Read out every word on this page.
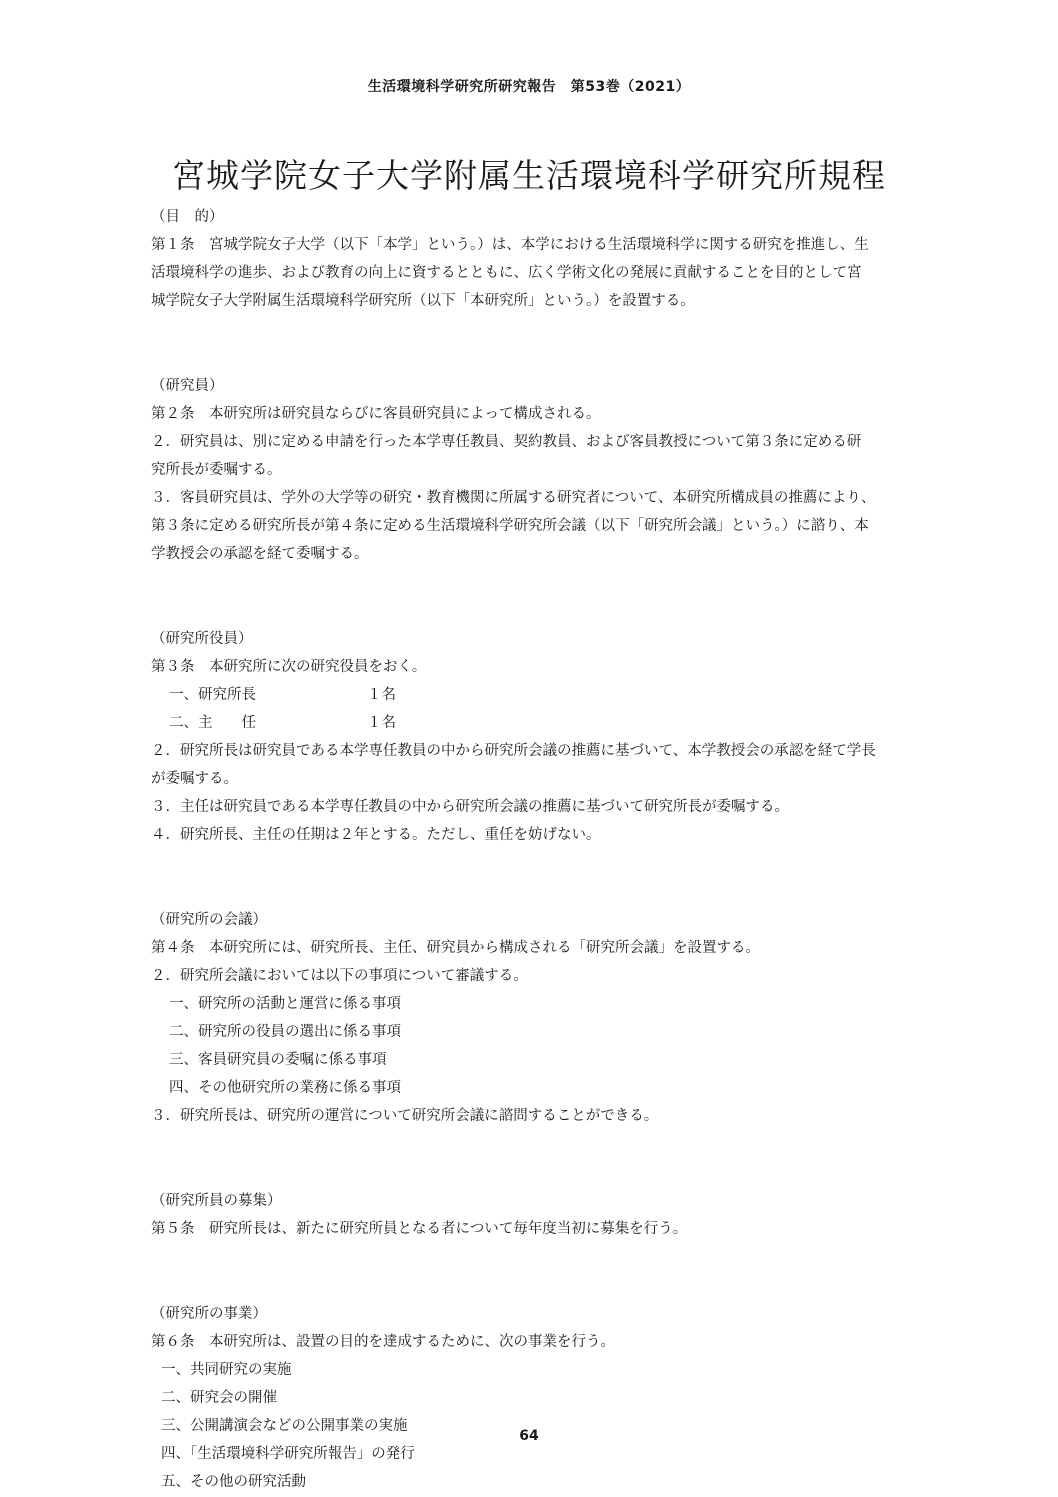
生活環境科学研究所研究報告　第53巻（2021）
宮城学院女子大学附属生活環境科学研究所規程
（目　的）
第１条　宮城学院女子大学（以下「本学」という。）は、本学における生活環境科学に関する研究を推進し、生
活環境科学の進歩、および教育の向上に資するとともに、広く学術文化の発展に貢献することを目的として宮
城学院女子大学附属生活環境科学研究所（以下「本研究所」という。）を設置する。
（研究員）
第２条　本研究所は研究員ならびに客員研究員によって構成される。
２．研究員は、別に定める申請を行った本学専任教員、契約教員、および客員教授について第３条に定める研
究所長が委嘱する。
３．客員研究員は、学外の大学等の研究・教育機関に所属する研究者について、本研究所構成員の推薦により、
第３条に定める研究所長が第４条に定める生活環境科学研究所会議（以下「研究所会議」という。）に諮り、本
学教授会の承認を経て委嘱する。
（研究所役員）
第３条　本研究所に次の研究役員をおく。
一、研究所長	１名
二、主　　任	１名
２．研究所長は研究員である本学専任教員の中から研究所会議の推薦に基づいて、本学教授会の承認を経て学長
が委嘱する。
３．主任は研究員である本学専任教員の中から研究所会議の推薦に基づいて研究所長が委嘱する。
４．研究所長、主任の任期は２年とする。ただし、重任を妨げない。
（研究所の会議）
第４条　本研究所には、研究所長、主任、研究員から構成される「研究所会議」を設置する。
２．研究所会議においては以下の事項について審議する。
一、研究所の活動と運営に係る事項
二、研究所の役員の選出に係る事項
三、客員研究員の委嘱に係る事項
四、その他研究所の業務に係る事項
３．研究所長は、研究所の運営について研究所会議に諮問することができる。
（研究所員の募集）
第５条　研究所長は、新たに研究所員となる者について毎年度当初に募集を行う。
（研究所の事業）
第６条　本研究所は、設置の目的を達成するために、次の事業を行う。
一、共同研究の実施
二、研究会の開催
三、公開講演会などの公開事業の実施
四、「生活環境科学研究所報告」の発行
五、その他の研究活動
64
